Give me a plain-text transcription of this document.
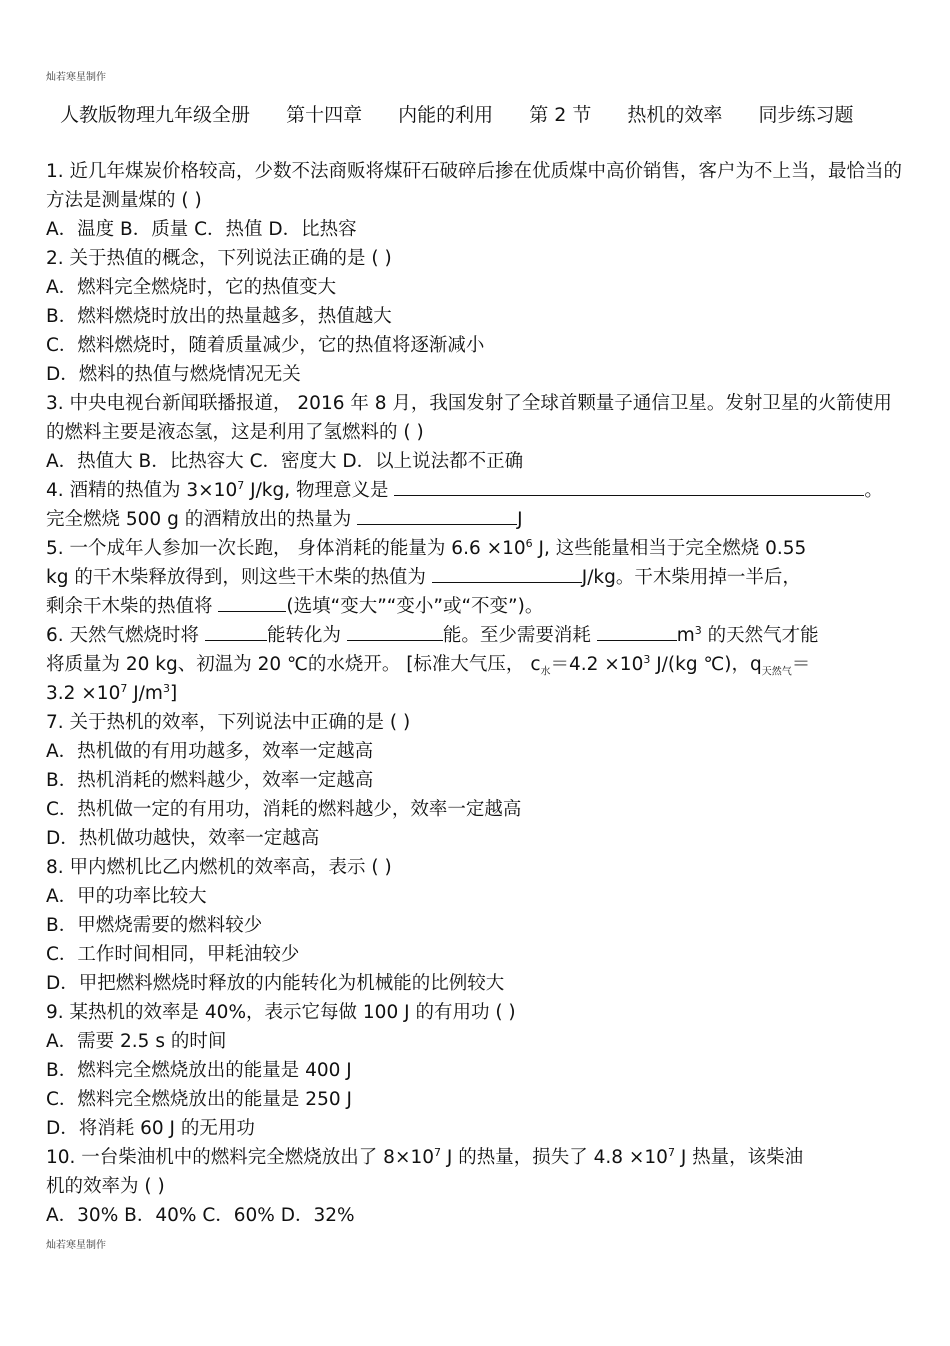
灿若寒星制作
人教版物理九年级全册 第十四章 内能的利用 第 2 节 热机的效率 同步练习题
1. 近几年煤炭价格较高，少数不法商贩将煤矸石破碎后掺在优质煤中高价销售，客户为不上当，最恰当的方法是测量煤的 ( )
A．温度 B．质量 C．热值 D．比热容
2. 关于热值的概念，下列说法正确的是 ( )
A．燃料完全燃烧时，它的热值变大
B．燃料燃烧时放出的热量越多，热值越大
C．燃料燃烧时，随着质量减少，它的热值将逐渐减小
D．燃料的热值与燃烧情况无关
3. 中央电视台新闻联播报道， 2016 年 8 月，我国发射了全球首颗量子通信卫星。发射卫星的火箭使用的燃料主要是液态氢，这是利用了氢燃料的 ( )
A．热值大 B．比热容大 C．密度大 D．以上说法都不正确
4. 酒精的热值为 $3\times 10^7$ J/kg, 物理意义是	。
完全燃烧 500 g 的酒精放出的热量为	J
5. 一个成年人参加一次长跑， 身体消耗的能量为 $6.6 \times 10^6$ J, 这些能量相当于完全燃烧 0.55
kg 的干木柴释放得到，则这些干木柴的热值为	J/kg。干木柴用掉一半后，
剩余干木柴的热值将	(选填“变大”“变小”或“不变”)。
6. 天然气燃烧时将	能转化为	能。至少需要消耗	$m^3$ 的天然气才能
将质量为 20 kg、初温为 20 ℃的水烧开。 [标准大气压， $c_水=4.2 \times 10^3$ J/(kg ℃)，$q_{天然气}=$
$3.2 \times 10^7$ $J/m^3$]
7. 关于热机的效率，下列说法中正确的是 ( )
A．热机做的有用功越多，效率一定越高
B．热机消耗的燃料越少，效率一定越高
C．热机做一定的有用功，消耗的燃料越少，效率一定越高
D．热机做功越快，效率一定越高
8. 甲内燃机比乙内燃机的效率高，表示 ( )
A．甲的功率比较大
B．甲燃烧需要的燃料较少
C．工作时间相同，甲耗油较少
D．甲把燃料燃烧时释放的内能转化为机械能的比例较大
9. 某热机的效率是 40%，表示它每做 100 J 的有用功 ( )
A．需要 2.5 s 的时间
B．燃料完全燃烧放出的能量是 400 J
C．燃料完全燃烧放出的能量是 250 J
D．将消耗 60 J 的无用功
10. 一台柴油机中的燃料完全燃烧放出了 $8\times 10^7$ J 的热量，损失了 $4.8 \times 10^7$ J 热量，该柴油
机的效率为 ( )
A．30% B．40% C．60% D．32%
灿若寒星制作
